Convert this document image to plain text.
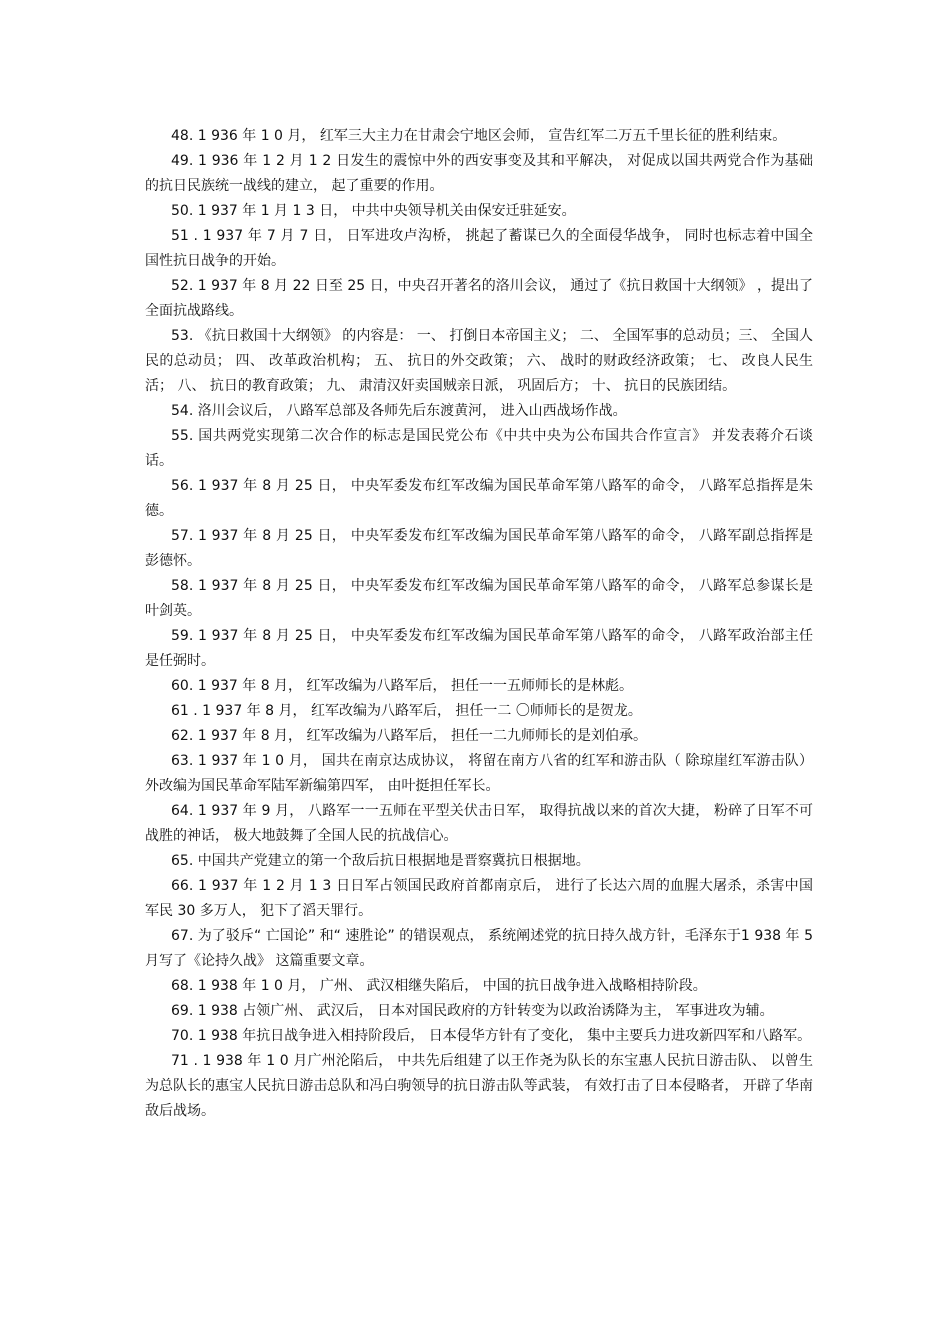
48. 1 936 年 1 0 月， 红军三大主力在甘肃会宁地区会师， 宣告红军二万五千里长征的胜利结束。

49. 1 936 年 1 2 月 1 2 日发生的震惊中外的西安事变及其和平解决， 对促成以国共两党合作为基础的抗日民族统一战线的建立， 起了重要的作用。

50. 1 937 年 1 月 1 3 日， 中共中央领导机关由保安迁驻延安。

51 . 1 937 年 7 月 7 日， 日军进攻卢沟桥， 挑起了蓄谋已久的全面侵华战争， 同时也标志着中国全国性抗日战争的开始。

52. 1 937 年 8 月 22 日至 25 日，中央召开著名的洛川会议， 通过了《抗日救国十大纲领》 ，提出了全面抗战路线。

53. 《抗日救国十大纲领》 的内容是： 一、 打倒日本帝国主义； 二、 全国军事的总动员；三、 全国人民的总动员； 四、 改革政治机构； 五、 抗日的外交政策； 六、 战时的财政经济政策； 七、 改良人民生活； 八、 抗日的教育政策； 九、 肃清汉奸卖国贼亲日派， 巩固后方； 十、 抗日的民族团结。

54. 洛川会议后， 八路军总部及各师先后东渡黄河， 进入山西战场作战。

55. 国共两党实现第二次合作的标志是国民党公布《中共中央为公布国共合作宣言》 并发表蒋介石谈话。

56. 1 937 年 8 月 25 日， 中央军委发布红军改编为国民革命军第八路军的命令， 八路军总指挥是朱德。

57. 1 937 年 8 月 25 日， 中央军委发布红军改编为国民革命军第八路军的命令， 八路军副总指挥是彭德怀。

58. 1 937 年 8 月 25 日， 中央军委发布红军改编为国民革命军第八路军的命令， 八路军总参谋长是叶剑英。

59. 1 937 年 8 月 25 日， 中央军委发布红军改编为国民革命军第八路军的命令， 八路军政治部主任是任弼时。

60. 1 937 年 8 月， 红军改编为八路军后， 担任一一五师师长的是林彪。

61 . 1 937 年 8 月， 红军改编为八路军后， 担任一二 〇师师长的是贺龙。

62. 1 937 年 8 月， 红军改编为八路军后， 担任一二九师师长的是刘伯承。

63. 1 937 年 1 0 月， 国共在南京达成协议， 将留在南方八省的红军和游击队（ 除琼崖红军游击队） 外改编为国民革命军陆军新编第四军， 由叶挺担任军长。

64. 1 937 年 9 月， 八路军一一五师在平型关伏击日军， 取得抗战以来的首次大捷， 粉碎了日军不可战胜的神话， 极大地鼓舞了全国人民的抗战信心。

65. 中国共产党建立的第一个敌后抗日根据地是晋察冀抗日根据地。

66. 1 937 年 1 2 月 1 3 日日军占领国民政府首都南京后， 进行了长达六周的血腥大屠杀，杀害中国军民 30 多万人， 犯下了滔天罪行。

67. 为了驳斥“ 亡国论” 和“ 速胜论” 的错误观点， 系统阐述党的抗日持久战方针，毛泽东于1 938 年 5 月写了《论持久战》 这篇重要文章。

68. 1 938 年 1 0 月， 广州、 武汉相继失陷后， 中国的抗日战争进入战略相持阶段。

69. 1 938 占领广州、 武汉后， 日本对国民政府的方针转变为以政治诱降为主， 军事进攻为辅。

70. 1 938 年抗日战争进入相持阶段后， 日本侵华方针有了变化， 集中主要兵力进攻新四军和八路军。

71 . 1 938 年 1 0 月广州沦陷后， 中共先后组建了以王作尧为队长的东宝惠人民抗日游击队、 以曾生为总队长的惠宝人民抗日游击总队和冯白驹领导的抗日游击队等武装， 有效打击了日本侵略者， 开辟了华南敌后战场。
